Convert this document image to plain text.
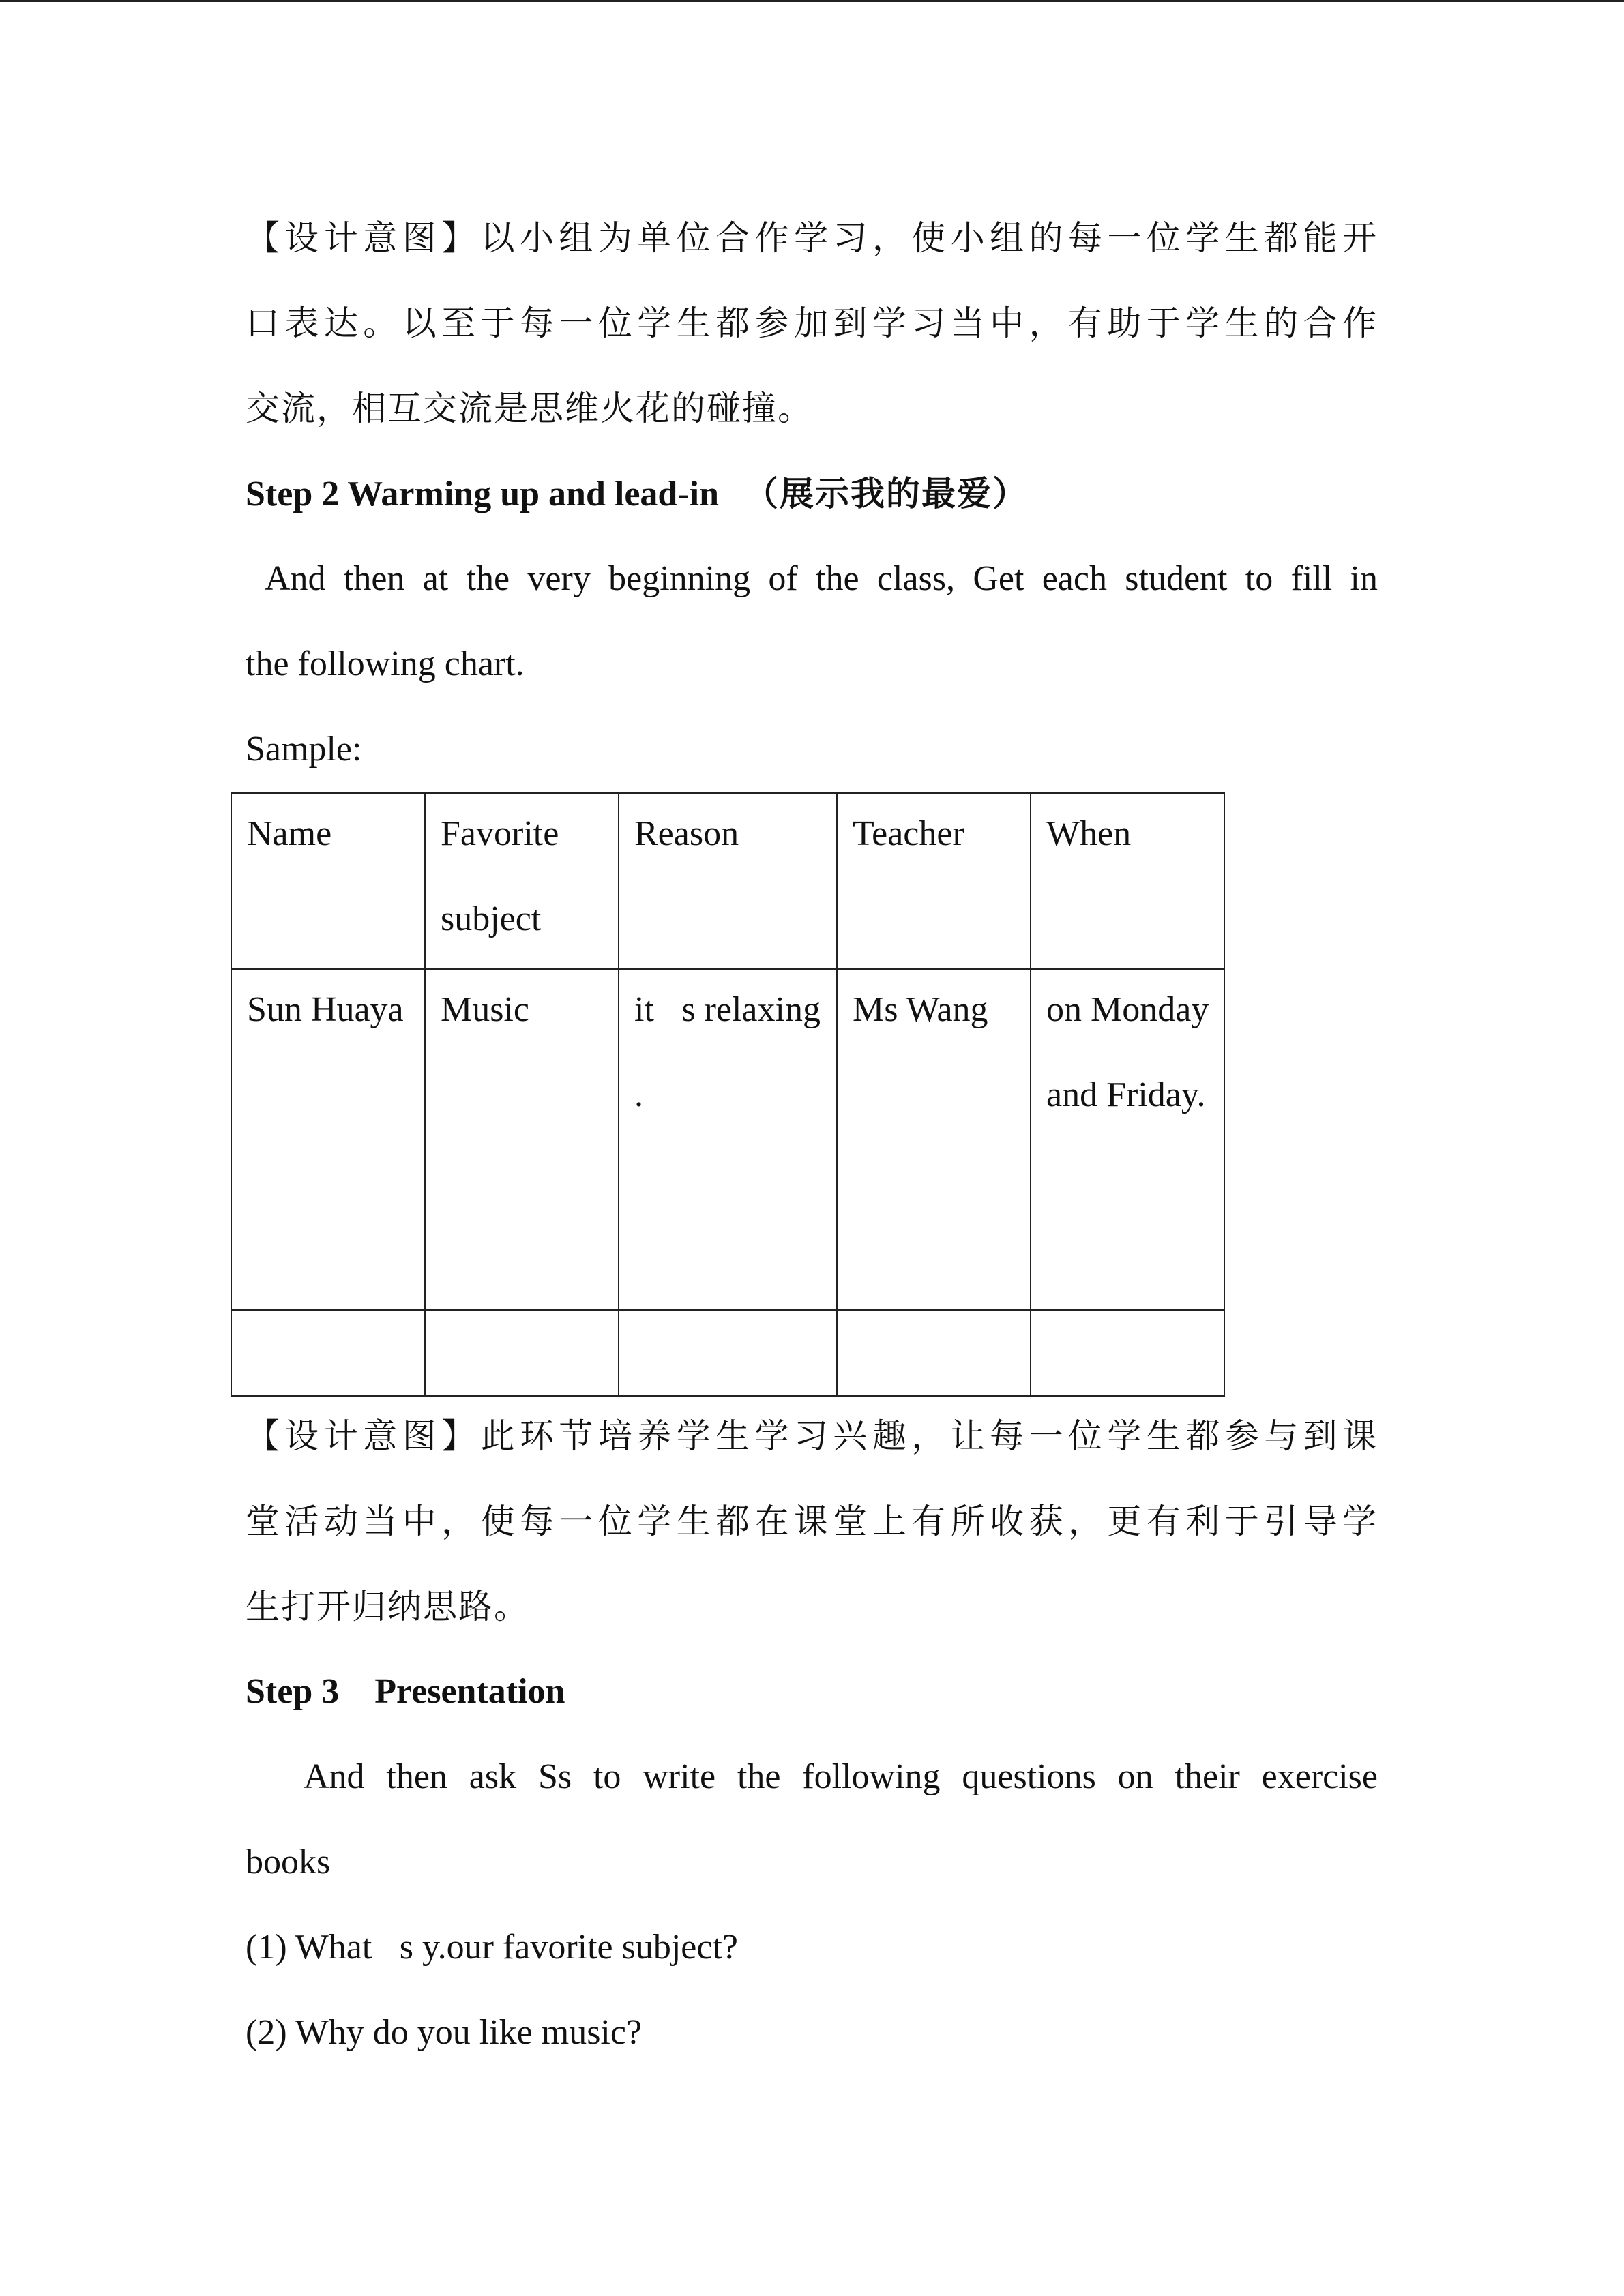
【设计意图】以小组为单位合作学习，使小组的每一位学生都能开
口表达。以至于每一位学生都参加到学习当中，有助于学生的合作
交流，相互交流是思维火花的碰撞。
Step 2 Warming up and lead-in （展示我的最爱）
And then at the very beginning of the class, Get each student to fill in
the following chart.
Sample:
Name	Favorite subject	Reason	Teacher	When

Sun Huaya	Music	it s relaxing .	Ms Wang	on Monday and Friday.

【设计意图】此环节培养学生学习兴趣，让每一位学生都参与到课
堂活动当中，使每一位学生都在课堂上有所收获，更有利于引导学
生打开归纳思路。
Step 3    Presentation
And then ask Ss to write the following questions on their exercise
books
(1) What s y.our favorite subject?
(2) Why do you like music?
